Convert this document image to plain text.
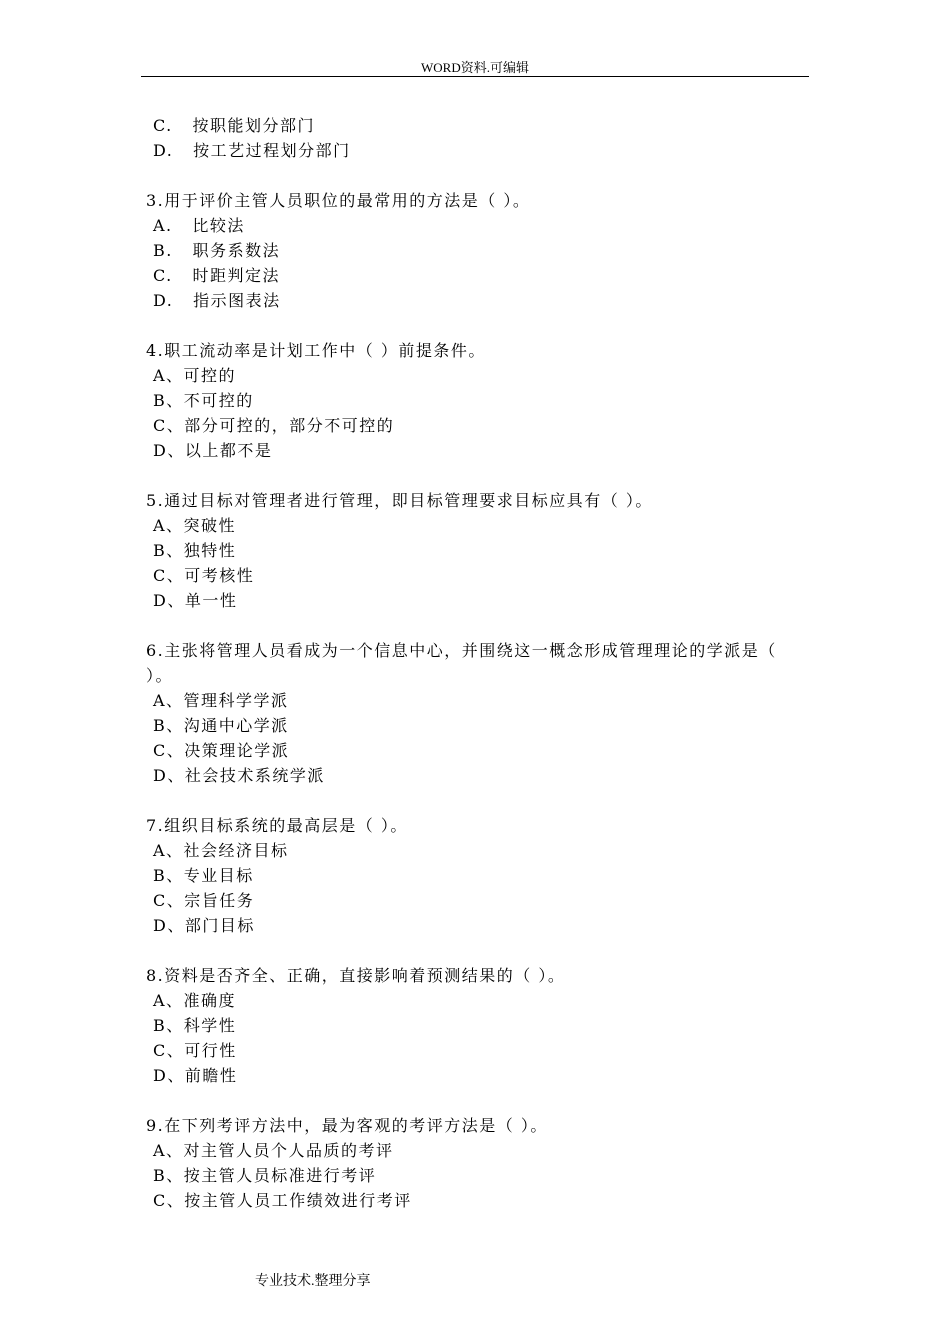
WORD资料.可编辑
C.   按职能划分部门
D.   按工艺过程划分部门
3.用于评价主管人员职位的最常用的方法是（ ）。
A.   比较法
B.   职务系数法
C.   时距判定法
D.   指示图表法
4.职工流动率是计划工作中（ ）前提条件。
A、可控的
B、不可控的
C、部分可控的，部分不可控的
D、以上都不是
5.通过目标对管理者进行管理，即目标管理要求目标应具有（ ）。
A、突破性
B、独特性
C、可考核性
D、单一性
6.主张将管理人员看成为一个信息中心，并围绕这一概念形成管理理论的学派是（ ）。
A、管理科学学派
B、沟通中心学派
C、决策理论学派
D、社会技术系统学派
7.组织目标系统的最高层是（ ）。
A、社会经济目标
B、专业目标
C、宗旨任务
D、部门目标
8.资料是否齐全、正确，直接影响着预测结果的（ ）。
A、准确度
B、科学性
C、可行性
D、前瞻性
9.在下列考评方法中，最为客观的考评方法是（ ）。
A、对主管人员个人品质的考评
B、按主管人员标准进行考评
C、按主管人员工作绩效进行考评
专业技术.整理分享
